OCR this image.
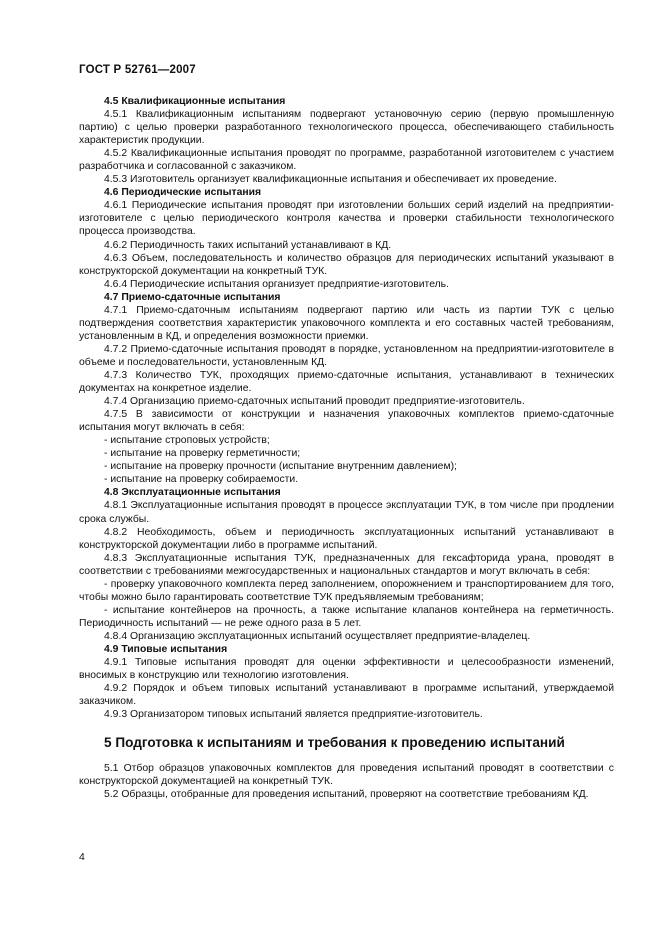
ГОСТ Р 52761—2007

4.5 Квалификационные испытания

4.5.1 Квалификационным испытаниям подвергают установочную серию (первую промышленную партию) с целью проверки разработанного технологического процесса, обеспечивающего стабильность характеристик продукции.

4.5.2 Квалификационные испытания проводят по программе, разработанной изготовителем с участием разработчика и согласованной с заказчиком.

4.5.3 Изготовитель организует квалификационные испытания и обеспечивает их проведение.

4.6 Периодические испытания

4.6.1 Периодические испытания проводят при изготовлении больших серий изделий на предприятии-изготовителе с целью периодического контроля качества и проверки стабильности технологического процесса производства.

4.6.2 Периодичность таких испытаний устанавливают в КД.

4.6.3 Объем, последовательность и количество образцов для периодических испытаний указывают в конструкторской документации на конкретный ТУК.

4.6.4 Периодические испытания организует предприятие-изготовитель.

4.7 Приемо-сдаточные испытания

4.7.1 Приемо-сдаточным испытаниям подвергают партию или часть из партии ТУК с целью подтверждения соответствия характеристик упаковочного комплекта и его составных частей требованиям, установленным в КД, и определения возможности приемки.

4.7.2 Приемо-сдаточные испытания проводят в порядке, установленном на предприятии-изготовителе в объеме и последовательности, установленным КД.

4.7.3 Количество ТУК, проходящих приемо-сдаточные испытания, устанавливают в технических документах на конкретное изделие.

4.7.4 Организацию приемо-сдаточных испытаний проводит предприятие-изготовитель.

4.7.5 В зависимости от конструкции и назначения упаковочных комплектов приемо-сдаточные испытания могут включать в себя:

- испытание строповых устройств;

- испытание на проверку герметичности;

- испытание на проверку прочности (испытание внутренним давлением);

- испытание на проверку собираемости.

4.8 Эксплуатационные испытания

4.8.1 Эксплуатационные испытания проводят в процессе эксплуатации ТУК, в том числе при продлении срока службы.

4.8.2 Необходимость, объем и периодичность эксплуатационных испытаний устанавливают в конструкторской документации либо в программе испытаний.

4.8.3 Эксплуатационные испытания ТУК, предназначенных для гексафторида урана, проводят в соответствии с требованиями межгосударственных и национальных стандартов и могут включать в себя:

- проверку упаковочного комплекта перед заполнением, опорожнением и транспортированием для того, чтобы можно было гарантировать соответствие ТУК предъявляемым требованиям;

- испытание контейнеров на прочность, а также испытание клапанов контейнера на герметичность. Периодичность испытаний — не реже одного раза в 5 лет.

4.8.4 Организацию эксплуатационных испытаний осуществляет предприятие-владелец.

4.9 Типовые испытания

4.9.1 Типовые испытания проводят для оценки эффективности и целесообразности изменений, вносимых в конструкцию или технологию изготовления.

4.9.2 Порядок и объем типовых испытаний устанавливают в программе испытаний, утверждаемой заказчиком.

4.9.3 Организатором типовых испытаний является предприятие-изготовитель.

5 Подготовка к испытаниям и требования к проведению испытаний

5.1 Отбор образцов упаковочных комплектов для проведения испытаний проводят в соответствии с конструкторской документацией на конкретный ТУК.

5.2 Образцы, отобранные для проведения испытаний, проверяют на соответствие требованиям КД.

4
